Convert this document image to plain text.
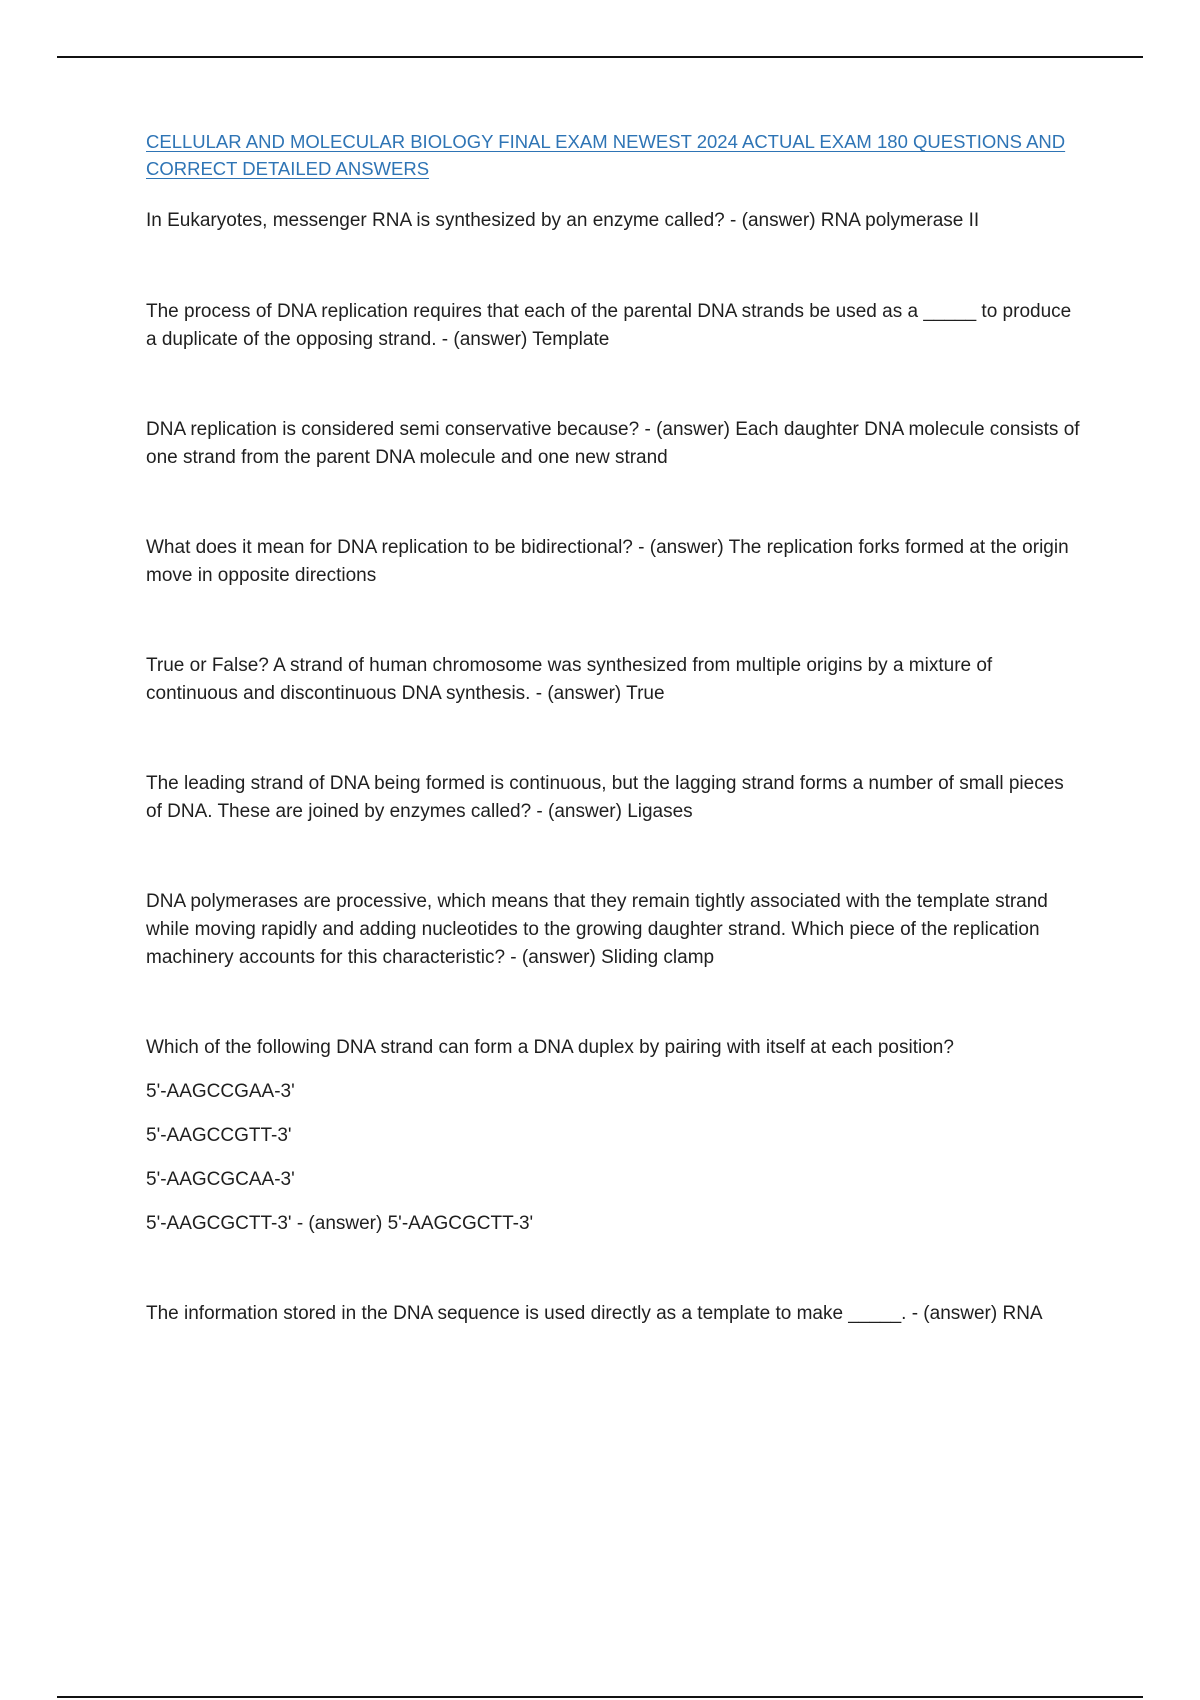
CELLULAR AND MOLECULAR BIOLOGY FINAL EXAM NEWEST 2024 ACTUAL EXAM 180 QUESTIONS AND CORRECT DETAILED ANSWERS

In Eukaryotes, messenger RNA is synthesized by an enzyme called? - (answer) RNA polymerase II

The process of DNA replication requires that each of the parental DNA strands be used as a _____ to produce a duplicate of the opposing strand. - (answer) Template

DNA replication is considered semi conservative because? - (answer) Each daughter DNA molecule consists of one strand from the parent DNA molecule and one new strand

What does it mean for DNA replication to be bidirectional? - (answer) The replication forks formed at the origin move in opposite directions

True or False? A strand of human chromosome was synthesized from multiple origins by a mixture of continuous and discontinuous DNA synthesis. - (answer) True

The leading strand of DNA being formed is continuous, but the lagging strand forms a number of small pieces of DNA. These are joined by enzymes called? - (answer) Ligases

DNA polymerases are processive, which means that they remain tightly associated with the template strand while moving rapidly and adding nucleotides to the growing daughter strand. Which piece of the replication machinery accounts for this characteristic? - (answer) Sliding clamp

Which of the following DNA strand can form a DNA duplex by pairing with itself at each position?

5'-AAGCCGAA-3'

5'-AAGCCGTT-3'

5'-AAGCGCAA-3'

5'-AAGCGCTT-3' - (answer) 5'-AAGCGCTT-3'

The information stored in the DNA sequence is used directly as a template to make _____. - (answer) RNA
